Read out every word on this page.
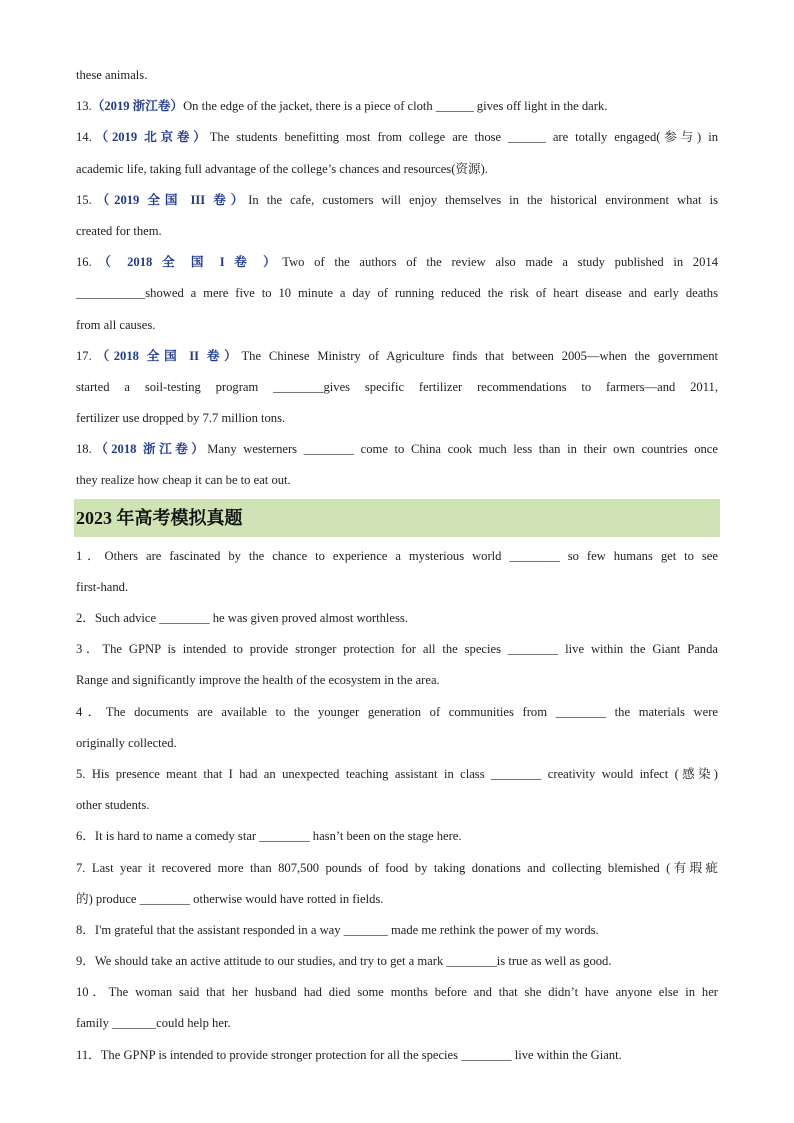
these animals.
13.（2019 浙江卷）On the edge of the jacket, there is a piece of cloth ______ gives off light in the dark.
14.（2019 北京卷）The students benefitting most from college are those ______ are totally engaged(参与) in
academic life, taking full advantage of the college’s chances and resources(资源).
15.（2019 全国 III 卷）In the cafe, customers will enjoy themselves in the historical environment what is
created for them.
16.（ 2018 全 国 I 卷 ）Two of the authors of the review also made a study published in 2014
___________showed a mere five to 10 minute a day of running reduced the risk of heart disease and early deaths
from all causes.
17.（2018 全国 II 卷）The Chinese Ministry of Agriculture finds that between 2005—when the government
started a soil-testing program ________gives specific fertilizer recommendations to farmers—and 2011,
fertilizer use dropped by 7.7 million tons.
18.（2018 浙江卷）Many westerners ________ come to China cook much less than in their own countries once
they realize how cheap it can be to eat out.
2023 年高考模拟真题
1．Others are fascinated by the chance to experience a mysterious world ________ so few humans get to see
first-hand.
2．Such advice ________ he was given proved almost worthless.
3．The GPNP is intended to provide stronger protection for all the species ________ live within the Giant Panda
Range and significantly improve the health of the ecosystem in the area.
4．The documents are available to the younger generation of communities from ________ the materials were
originally collected.
5. His presence meant that I had an unexpected teaching assistant in class ________ creativity would infect (感染)
other students.
6．It is hard to name a comedy star ________ hasn’t been on the stage here.
7. Last year it recovered more than 807,500 pounds of food by taking donations and collecting blemished (有瑕疵
的) produce ________ otherwise would have rotted in fields.
8．I'm grateful that the assistant responded in a way _______ made me rethink the power of my words.
9．We should take an active attitude to our studies, and try to get a mark ________is true as well as good.
10．The woman said that her husband had died some months before and that she didn’t have anyone else in her
family _______could help her.
11．The GPNP is intended to provide stronger protection for all the species ________ live within the Giant.
